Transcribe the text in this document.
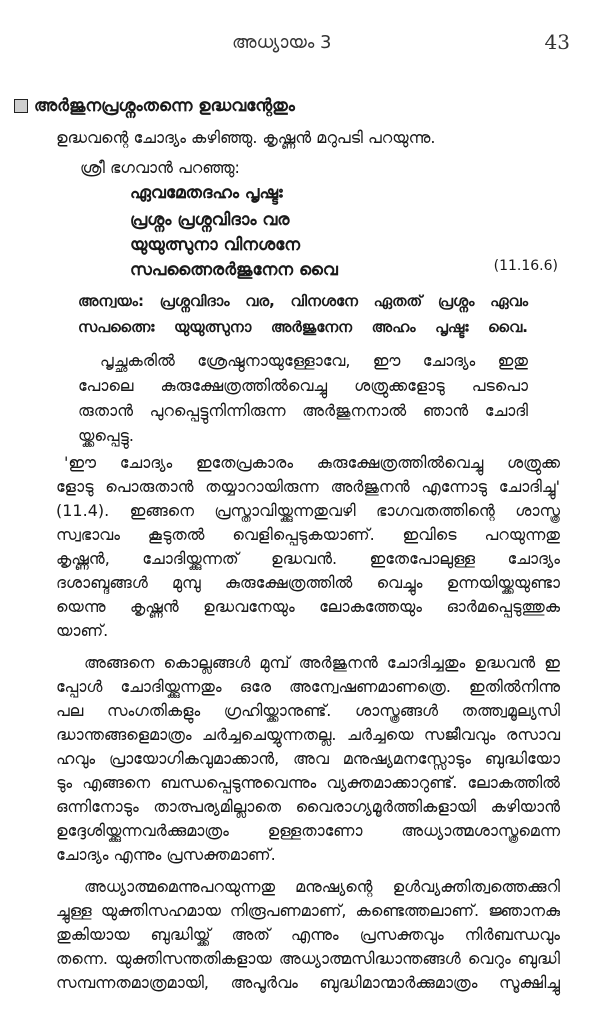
അധ്യായം 3	43
അർജുനപ്രശ്നംതന്നെ ഉദ്ധവന്റേതും
ഉദ്ധവന്റെ ചോദ്യം കഴിഞ്ഞു. കൃഷ്ണൻ മറുപടി പറയുന്നു.
ശ്രീ ഭഗവാൻ പറഞ്ഞു:
ഏവമേതദഹം പൃഷ്ടഃ
പ്രശ്നം പ്രശ്നവിദാം വര
യുയുത്സുനാ വിനശനേ
സപത്നൈരർജുനേന വൈ	(11.16.6)
അന്വയം: പ്രശ്നവിദാം വര, വിനശനേ ഏതത് പ്രശ്നം ഏവം
സപത്നൈഃ യുയുത്സുനാ അർജുനേന അഹം പൃഷ്ടഃ വൈ.
പൃച്ഛകരിൽ ശ്രേഷ്ഠനായുള്ളോവേ, ഈ ചോദ്യം ഇതു
പോലെ കുരുക്ഷേത്രത്തിൽവെച്ചു ശത്രുക്കളോടു പടപൊ
രുതാൻ പുറപ്പെട്ടുനിന്നിരുന്ന അർജുനനാൽ ഞാൻ ചോദി
യ്ക്കപ്പെട്ടു.
'ഈ ചോദ്യം ഇതേപ്രകാരം കുരുക്ഷേത്രത്തിൽവെച്ചു ശത്രുക്ക
ളോടു പൊരുതാൻ തയ്യാറായിരുന്ന അർജുനൻ എന്നോടു ചോദിച്ചു'
(11.4). ഇങ്ങനെ പ്രസ്താവിയ്ക്കുന്നതുവഴി ഭാഗവതത്തിന്റെ ശാസ്ത്ര
സ്വഭാവം കൂടുതൽ വെളിപ്പെടുകയാണ്. ഇവിടെ പറയുന്നതു
കൃഷ്ണൻ, ചോദിയ്ക്കുന്നത് ഉദ്ധവൻ. ഇതേപോലുള്ള ചോദ്യം
ദശാബ്ദങ്ങൾ മുമ്പു കുരുക്ഷേത്രത്തിൽ വെച്ചും ഉന്നയിയ്ക്കയുണ്ടാ
യെന്നു കൃഷ്ണൻ ഉദ്ധവനേയും ലോകത്തേയും ഓർമപ്പെടുത്തുക
യാണ്.
അങ്ങനെ കൊല്ലങ്ങൾ മുമ്പ് അർജുനൻ ചോദിച്ചതും ഉദ്ധവൻ ഇ
പ്പോൾ ചോദിയ്ക്കുന്നതും ഒരേ അന്വേഷണമാണത്രെ. ഇതിൽനിന്നു
പല സംഗതികളും ഗ്രഹിയ്ക്കാനുണ്ട്. ശാസ്ത്രങ്ങൾ തത്ത്വമൂല്യസി
ദ്ധാന്തങ്ങളെമാത്രം ചർച്ചചെയ്യുന്നതല്ല. ചർച്ചയെ സജീവവും രസാവ
ഹവും പ്രായോഗികവുമാക്കാൻ, അവ മനുഷ്യമനസ്സോടും ബുദ്ധിയോ
ടും എങ്ങനെ ബന്ധപ്പെടുന്നുവെന്നും വ്യക്തമാക്കാറുണ്ട്. ലോകത്തിൽ
ഒന്നിനോടും താത്പര്യമില്ലാതെ വൈരാഗ്യമൂർത്തികളായി കഴിയാൻ
ഉദ്ദേശിയ്ക്കുന്നവർക്കുമാത്രം ഉള്ളതാണോ അധ്യാത്മശാസ്ത്രമെന്ന
ചോദ്യം എന്നും പ്രസക്തമാണ്.
അധ്യാത്മമെന്നുപറയുന്നതു മനുഷ്യന്റെ ഉൾവ്യക്തിത്വത്തെക്കുറി
ച്ചുള്ള യുക്തിസഹമായ നിരൂപണമാണ്, കണ്ടെത്തലാണ്. ജ്ഞാനകു
തുകിയായ ബുദ്ധിയ്ക്ക് അത് എന്നും പ്രസക്തവും നിർബന്ധവും
തന്നെ. യുക്തിസന്തതികളായ അധ്യാത്മസിദ്ധാന്തങ്ങൾ വെറും ബുദ്ധി
സമ്പന്നതമാത്രമായി, അപൂർവം ബുദ്ധിമാന്മാർക്കുമാത്രം സൂക്ഷിച്ചു
